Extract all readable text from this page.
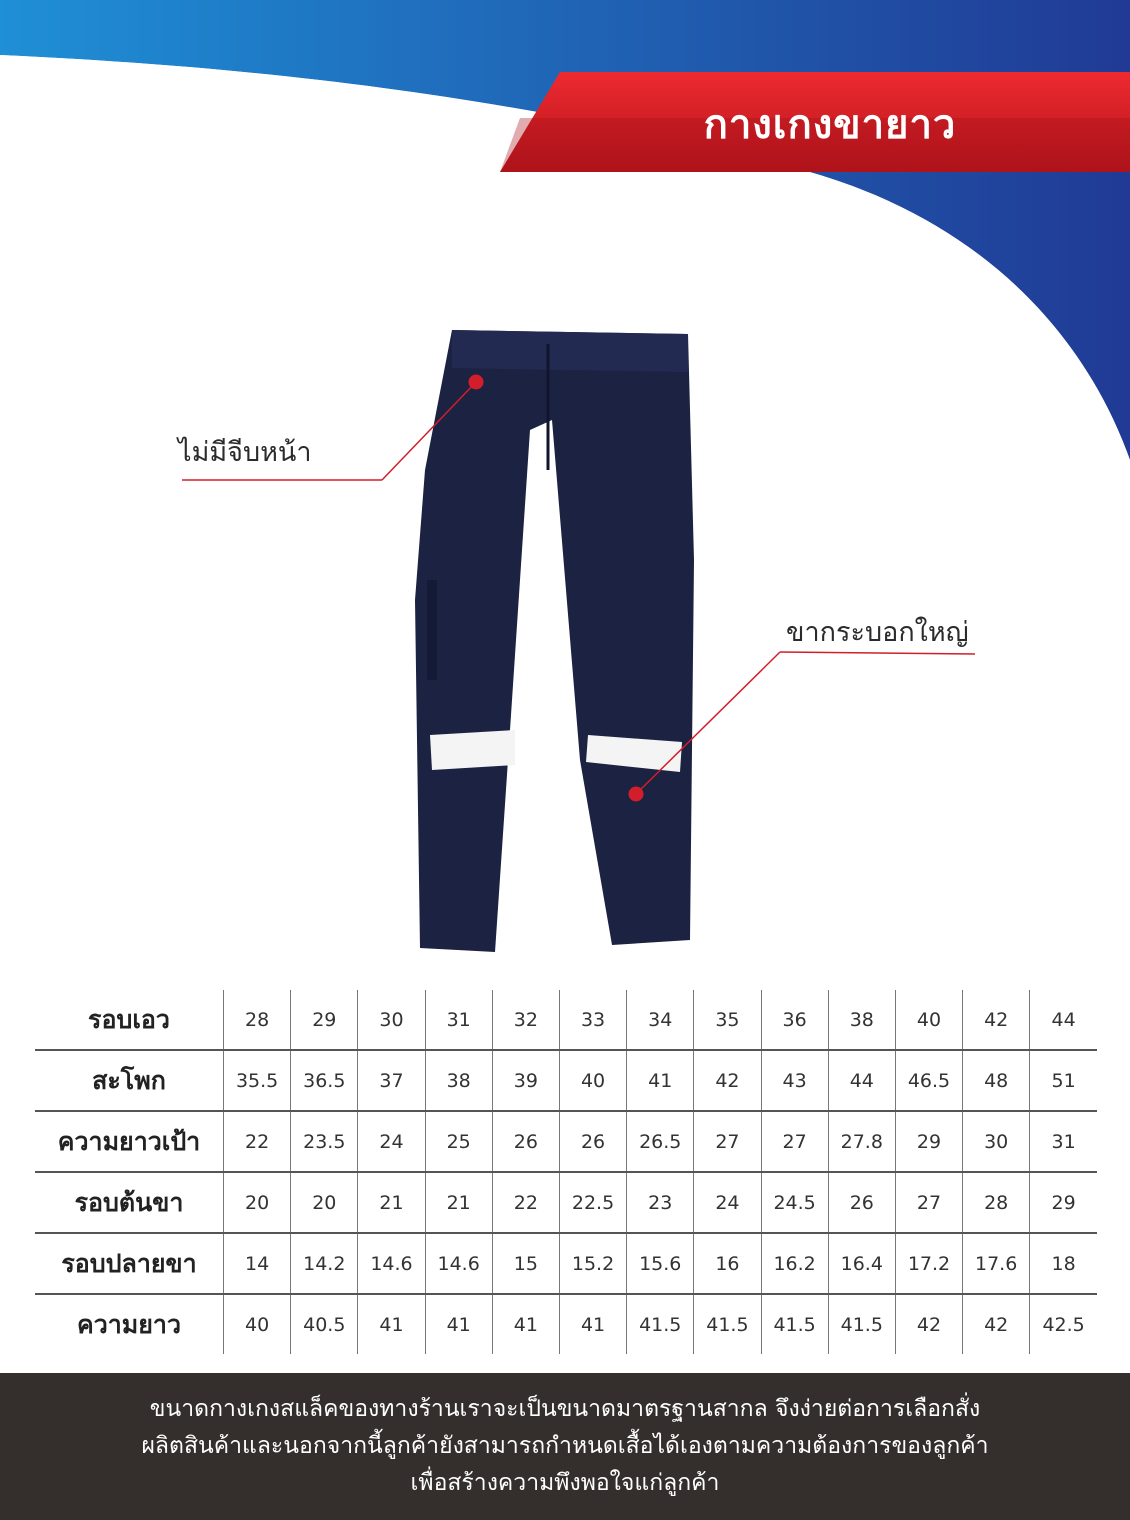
กางเกงขายาว
ไม่มีจีบหน้า
ขากระบอกใหญ่
รอบเอว	28	29	30	31	32	33	34	35	36	38	40	42	44
สะโพก	35.5	36.5	37	38	39	40	41	42	43	44	46.5	48	51
ความยาวเป้า	22	23.5	24	25	26	26	26.5	27	27	27.8	29	30	31
รอบต้นขา	20	20	21	21	22	22.5	23	24	24.5	26	27	28	29
รอบปลายขา	14	14.2	14.6	14.6	15	15.2	15.6	16	16.2	16.4	17.2	17.6	18
ความยาว	40	40.5	41	41	41	41	41.5	41.5	41.5	41.5	42	42	42.5

ขนาดกางเกงสแล็คของทางร้านเราจะเป็นขนาดมาตรฐานสากล จึงง่ายต่อการเลือกสั่ง

ผลิตสินค้าและนอกจากนี้ลูกค้ายังสามารถกำหนดเสื้อได้เองตามความต้องการของลูกค้า

เพื่อสร้างความพึงพอใจแก่ลูกค้า
